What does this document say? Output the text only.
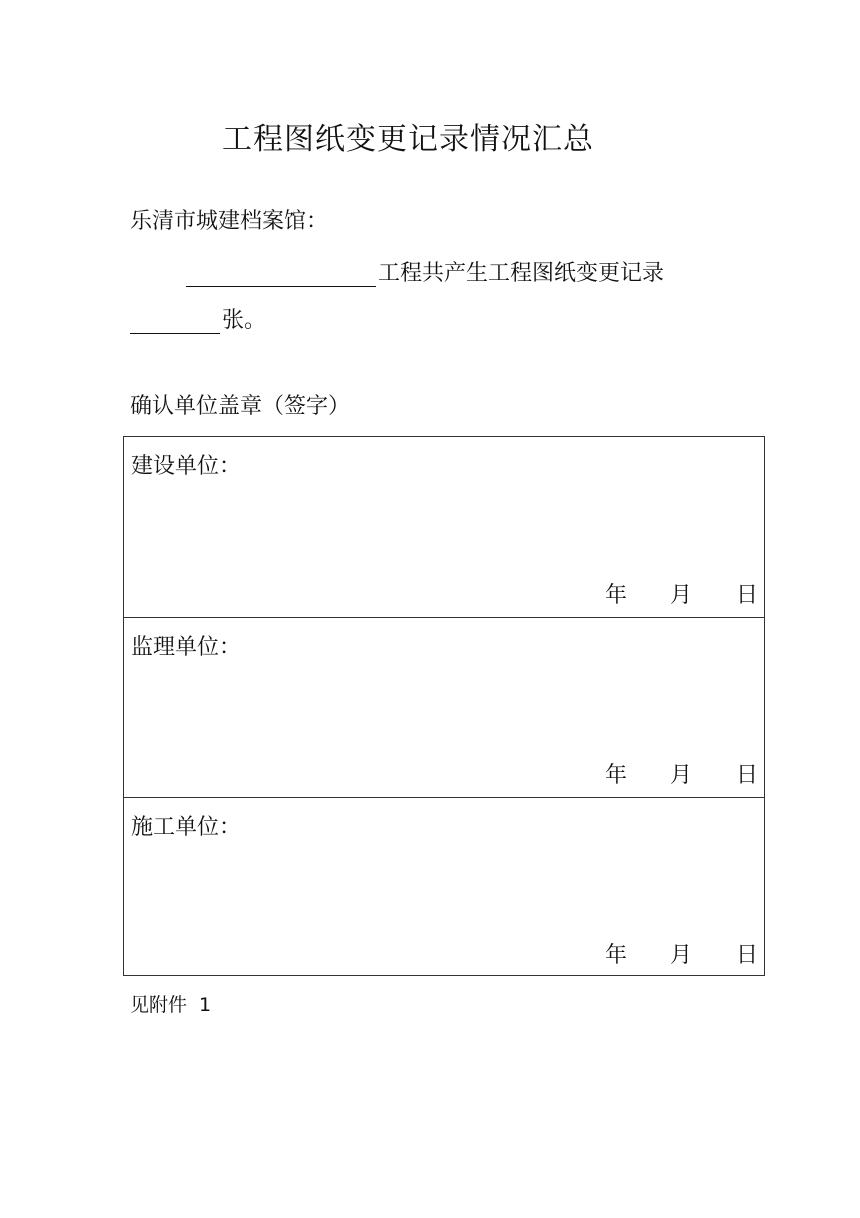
工程图纸变更记录情况汇总
乐清市城建档案馆：
工程共产生工程图纸变更记录
张。
确认单位盖章（签字）
建设单位：
年 月 日
监理单位：
年 月 日
施工单位：
年 月 日
见附件 1
